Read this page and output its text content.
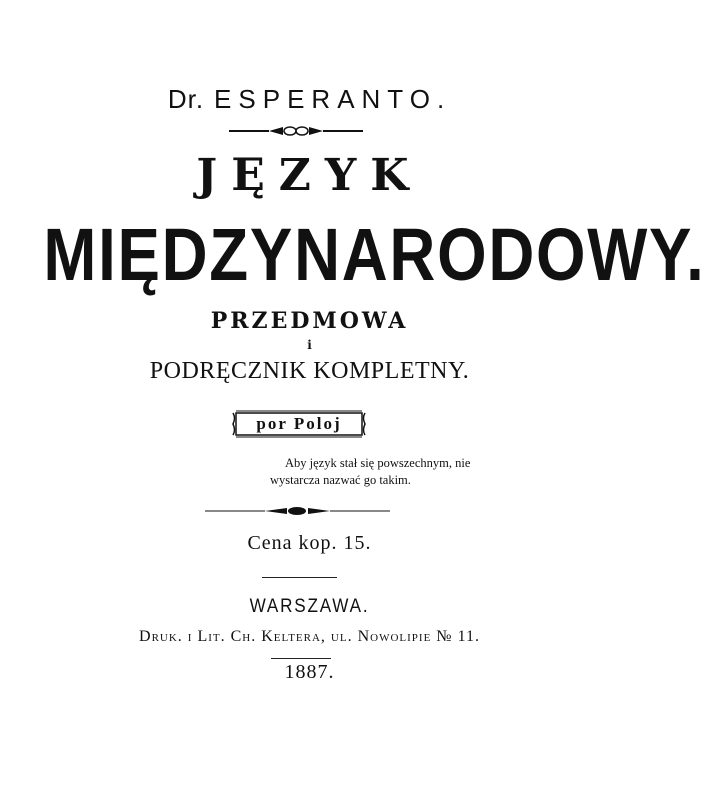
Dr. ESPERANTO.
JĘZYK
MIĘDZYNARODOWY.
PRZEDMOWA
i
PODRĘCZNIK KOMPLETNY.
por Poloj
Aby język stał się powszechnym, nie
wystarcza nazwać go takim.
Cena kop. 15.
WARSZAWA.
Druk. i Lit. Ch. Keltera, ul. Nowolipie № 11.
1887.
